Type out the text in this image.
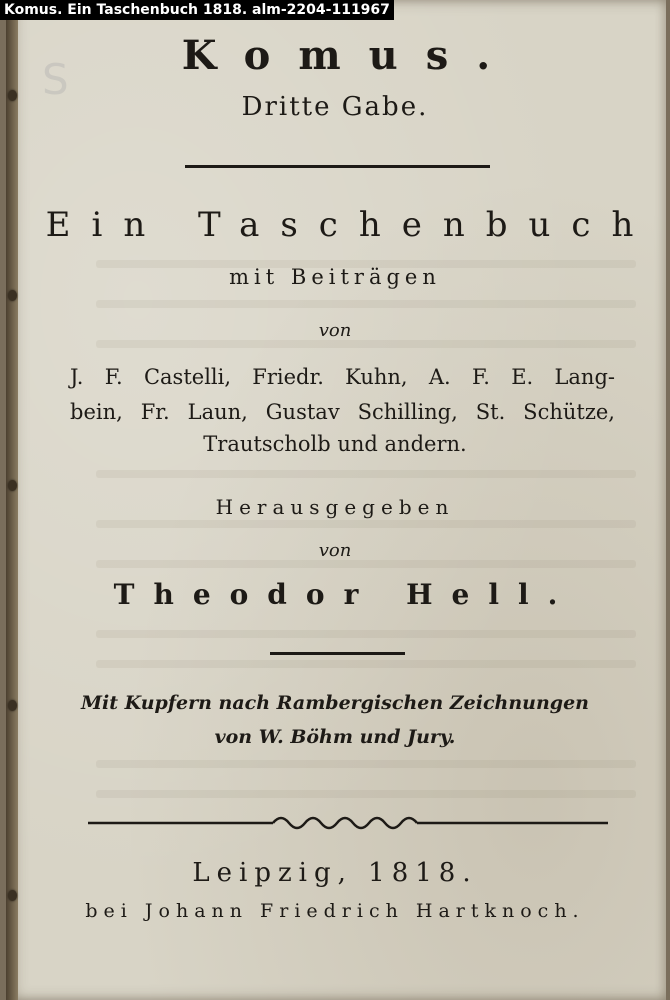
S
Komus. Ein Taschenbuch 1818. alm-2204-111967
Komus.
Dritte Gabe.
Ein Taschenbuch
mit Beiträgen
von
J. F. Castelli, Friedr. Kuhn, A. F. E. Lang-
bein, Fr. Laun, Gustav Schilling, St. Schütze,
Trautscholb und andern.
Herausgegeben
von
Theodor Hell.
Mit Kupfern nach Rambergischen Zeichnungen
von W. Böhm und Jury.
Leipzig, 1818.
bei Johann Friedrich Hartknoch.
